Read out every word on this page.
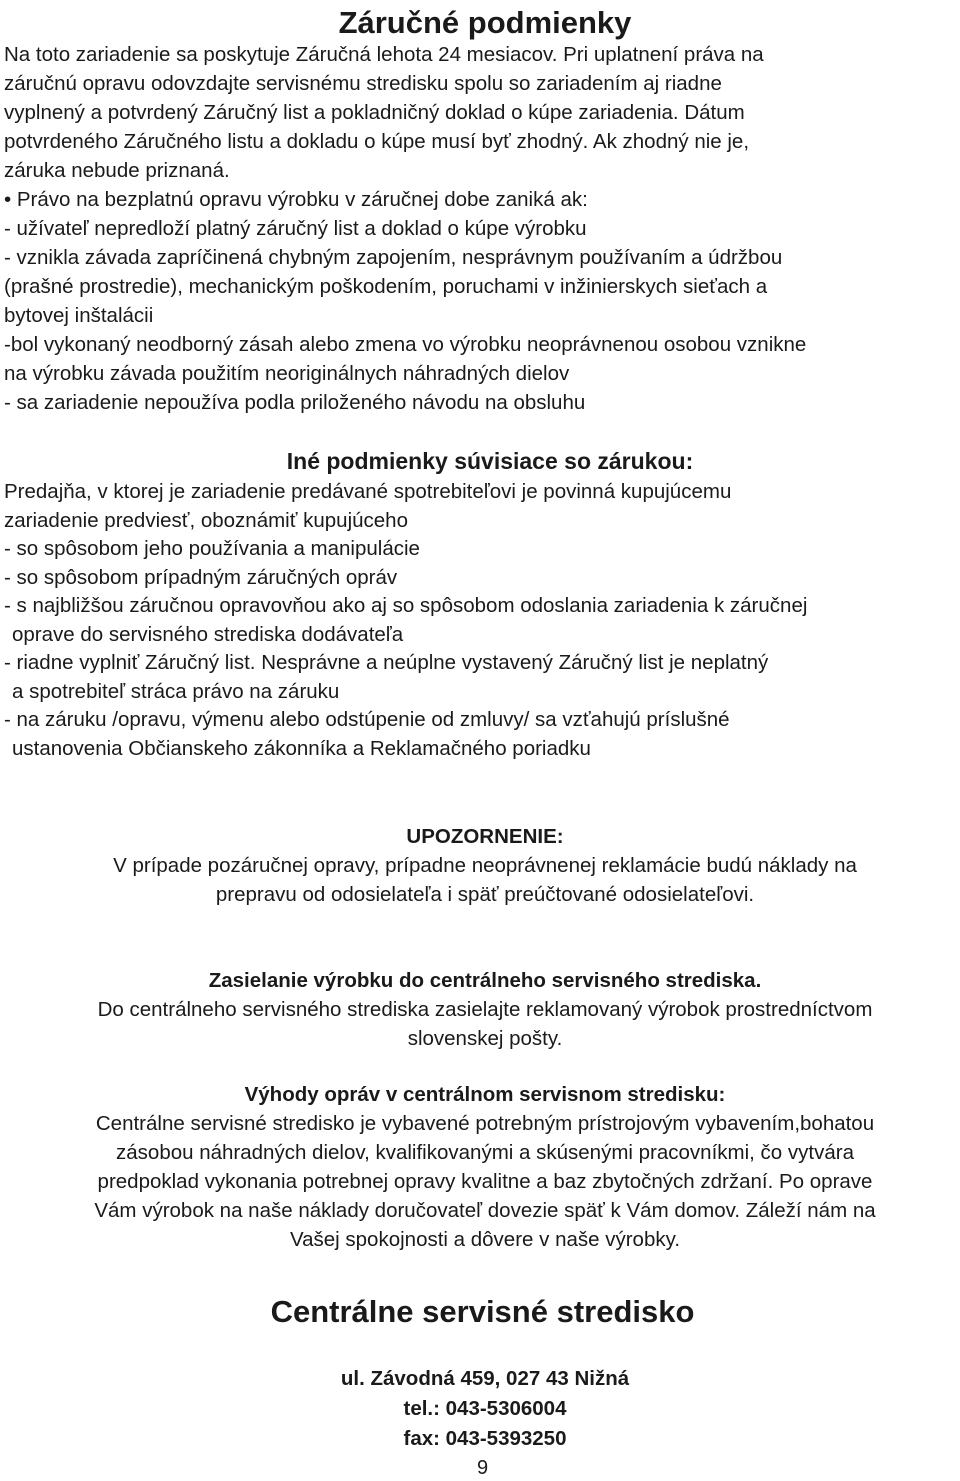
Záručné podmienky
Na toto zariadenie sa poskytuje Záručná lehota 24 mesiacov. Pri uplatnení práva na
záručnú opravu odovzdajte servisnému stredisku spolu so zariadením aj riadne
vyplnený a potvrdený Záručný list a pokladničný doklad o kúpe zariadenia. Dátum
potvrdeného Záručného listu a dokladu o kúpe musí byť zhodný. Ak zhodný nie je,
záruka nebude priznaná.
• Právo na bezplatnú opravu výrobku v záručnej dobe zaniká ak:
- užívateľ nepredloží platný záručný list a doklad o kúpe výrobku
- vznikla závada zapríčinená chybným zapojením, nesprávnym používaním a údržbou
(prašné prostredie), mechanickým poškodením, poruchami v inžinierskych sieťach a
bytovej inštalácii
-bol vykonaný neodborný zásah alebo zmena vo výrobku neoprávnenou osobou vznikne
na výrobku závada použitím neoriginálnych náhradných dielov
- sa zariadenie nepoužíva podla priloženého návodu na obsluhu
Iné podmienky súvisiace so zárukou:
Predajňa, v ktorej je zariadenie predávané spotrebiteľovi je povinná kupujúcemu
zariadenie predviesť, oboznámiť kupujúceho
- so spôsobom jeho používania a manipulácie
- so spôsobom prípadným záručných opráv
- s najbližšou záručnou opravovňou ako aj so spôsobom odoslania zariadenia k záručnej
oprave do servisného strediska dodávateľa
- riadne vyplniť Záručný list. Nesprávne a neúplne vystavený Záručný list je neplatný
a spotrebiteľ stráca právo na záruku
- na záruku /opravu, výmenu alebo odstúpenie od zmluvy/ sa vzťahujú príslušné
ustanovenia Občianskeho zákonníka a Reklamačného poriadku
UPOZORNENIE:
V prípade pozáručnej opravy, prípadne neoprávnenej reklamácie budú náklady na
prepravu od odosielateľa i späť preúčtované odosielateľovi.
Zasielanie výrobku do centrálneho servisného strediska.
Do centrálneho servisného strediska zasielajte reklamovaný výrobok prostredníctvom
slovenskej pošty.
Výhody opráv v centrálnom servisnom stredisku:
Centrálne servisné stredisko je vybavené potrebným prístrojovým vybavením,bohatou
zásobou náhradných dielov, kvalifikovanými a skúsenými pracovníkmi, čo vytvára
predpoklad vykonania potrebnej opravy kvalitne a baz zbytočných zdržaní. Po oprave
Vám výrobok na naše náklady doručovateľ dovezie späť k Vám domov. Záleží nám na
Vašej spokojnosti a dôvere v naše výrobky.
Centrálne servisné stredisko
ul. Závodná 459, 027 43 Nižná
tel.: 043-5306004
fax: 043-5393250
9
